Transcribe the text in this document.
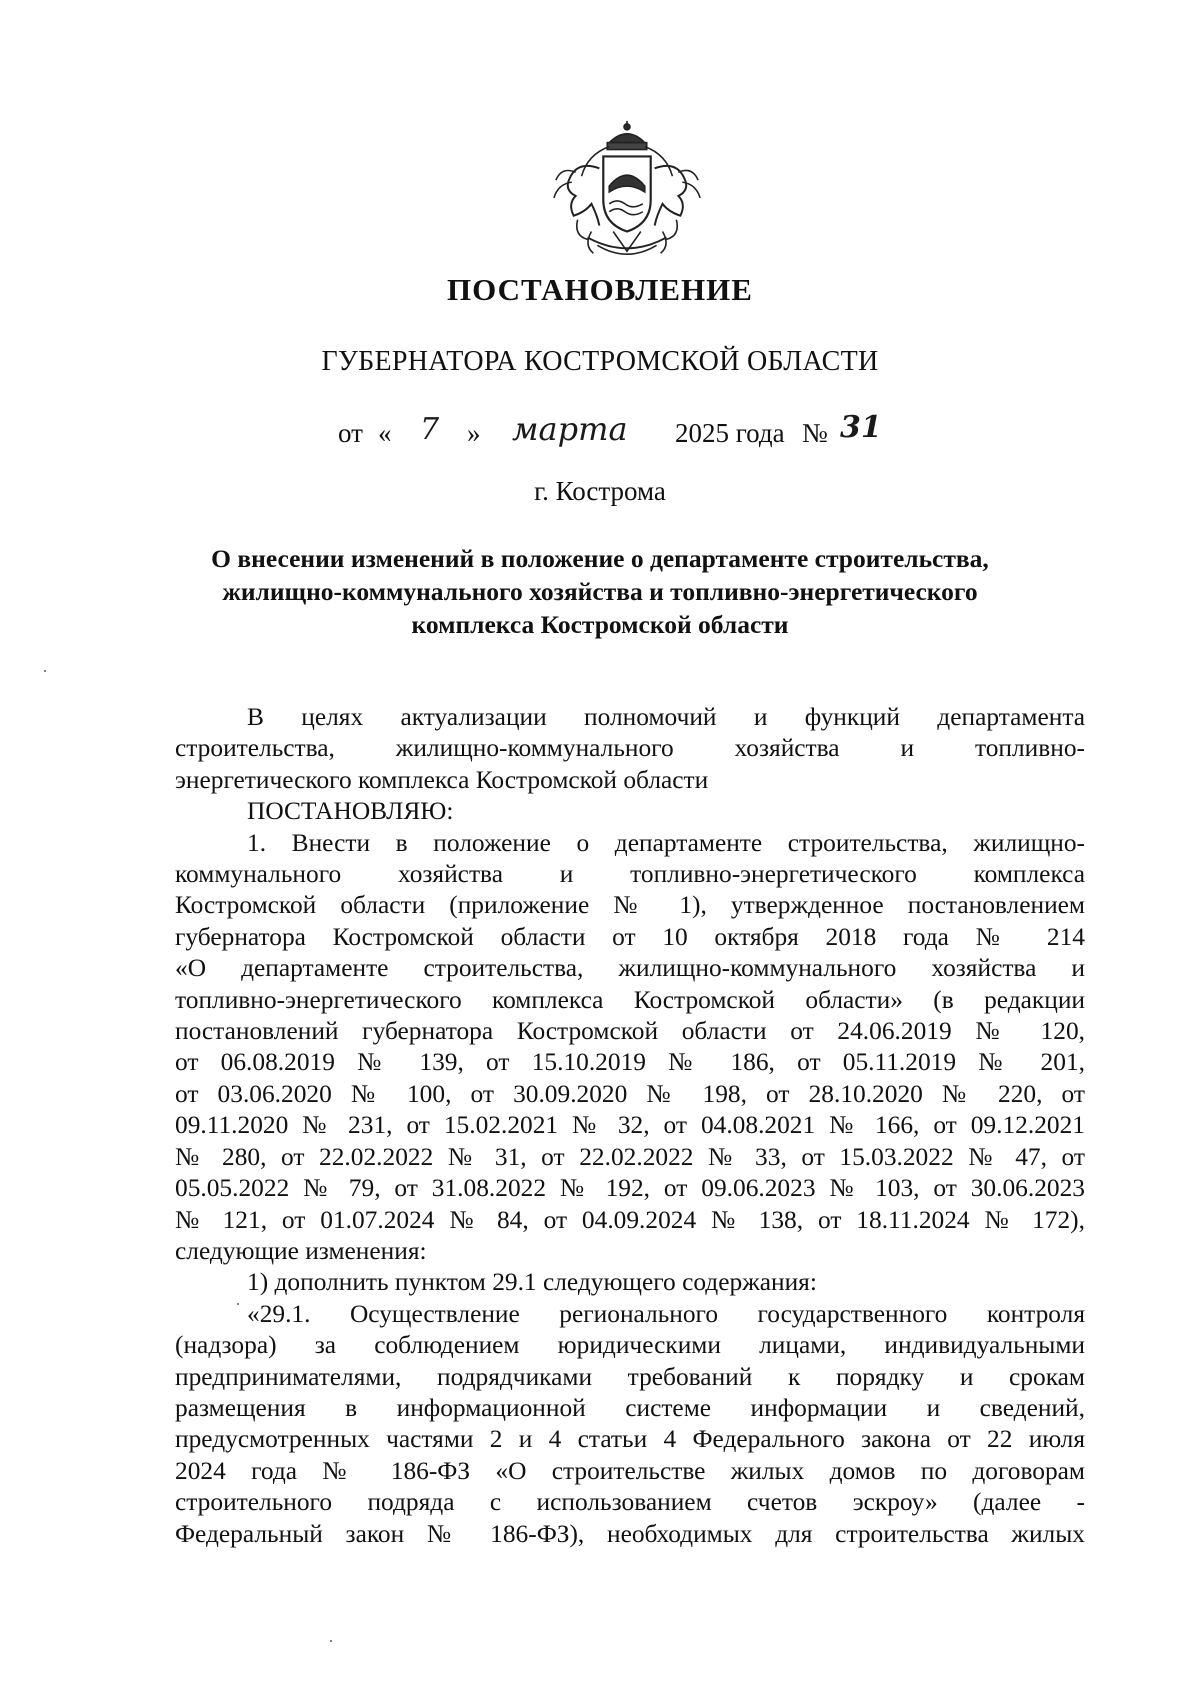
ПОСТАНОВЛЕНИЕ
ГУБЕРНАТОРА КОСТРОМСКОЙ ОБЛАСТИ
от « 7 » марта 2025 года № 31
г. Кострома
О внесении изменений в положение о департаменте строительства,
жилищно-коммунального хозяйства и топливно-энергетического
комплекса Костромской области

В целях актуализации полномочий и функций департамента

строительства, жилищно-коммунального хозяйства и топливно-

энергетического комплекса Костромской области

ПОСТАНОВЛЯЮ:

1. Внести в положение о департаменте строительства, жилищно-

коммунального хозяйства и топливно-энергетического комплекса

Костромской области (приложение № 1), утвержденное постановлением

губернатора Костромской области от 10 октября 2018 года № 214

«О департаменте строительства, жилищно-коммунального хозяйства и

топливно-энергетического комплекса Костромской области» (в редакции

постановлений губернатора Костромской области от 24.06.2019 № 120,

от 06.08.2019 № 139, от 15.10.2019 № 186, от 05.11.2019 № 201,

от 03.06.2020 № 100, от 30.09.2020 № 198, от 28.10.2020 № 220, от

09.11.2020 № 231, от 15.02.2021 № 32, от 04.08.2021 № 166, от 09.12.2021

№ 280, от 22.02.2022 № 31, от 22.02.2022 № 33, от 15.03.2022 № 47, от

05.05.2022 № 79, от 31.08.2022 № 192, от 09.06.2023 № 103, от 30.06.2023

№ 121, от 01.07.2024 № 84, от 04.09.2024 № 138, от 18.11.2024 № 172),

следующие изменения:

1) дополнить пунктом 29.1 следующего содержания:

«29.1. Осуществление регионального государственного контроля

(надзора) за соблюдением юридическими лицами, индивидуальными

предпринимателями, подрядчиками требований к порядку и срокам

размещения в информационной системе информации и сведений,

предусмотренных частями 2 и 4 статьи 4 Федерального закона от 22 июля

2024 года № 186-ФЗ «О строительстве жилых домов по договорам

строительного подряда с использованием счетов эскроу» (далее -

Федеральный закон № 186-ФЗ), необходимых для строительства жилых
